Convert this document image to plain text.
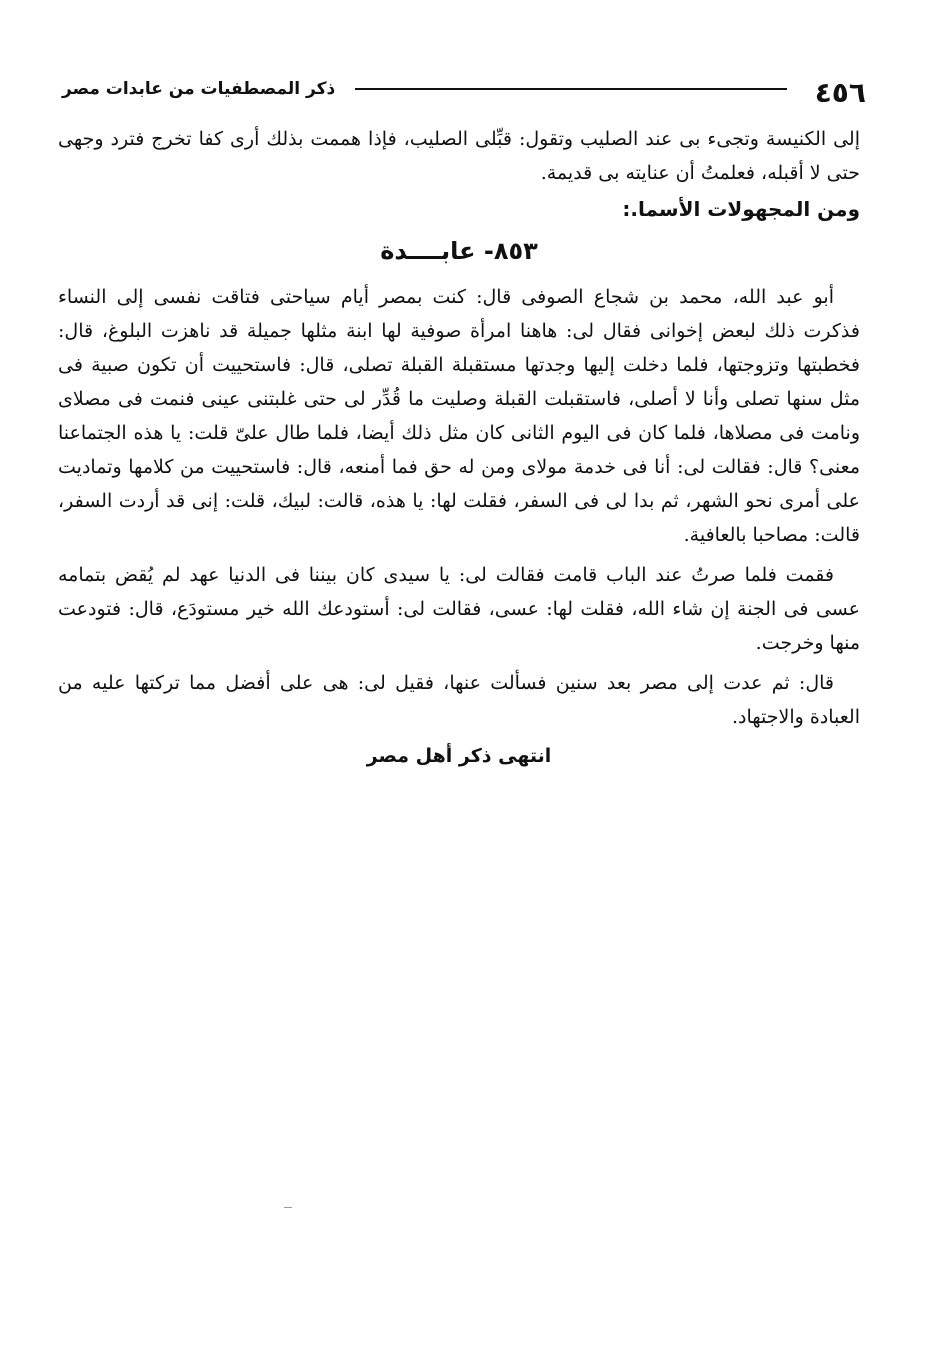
٤٥٦
ذكر المصطفيات من عابدات مصر

إلى الكنيسة وتجىء بى عند الصليب وتقول: قبِّلى الصليب، فإذا هممت بذلك أرى كفا تخرج فترد وجهى حتى لا أقبله، فعلمتُ أن عنايته بى قديمة.

ومن المجهولات الأسما.:

٨٥٣- عابــــدة

أبو عبد الله، محمد بن شجاع الصوفى قال: كنت بمصر أيام سياحتى فتاقت نفسى إلى النساء فذكرت ذلك لبعض إخوانى فقال لى: هاهنا امرأة صوفية لها ابنة مثلها جميلة قد ناهزت البلوغ، قال: فخطبتها وتزوجتها، فلما دخلت إليها وجدتها مستقبلة القبلة تصلى، قال: فاستحييت أن تكون صبية فى مثل سنها تصلى وأنا لا أصلى، فاستقبلت القبلة وصليت ما قُدِّر لى حتى غلبتنى عينى فنمت فى مصلاى ونامت فى مصلاها، فلما كان فى اليوم الثانى كان مثل ذلك أيضا، فلما طال علىّ قلت: يا هذه الجتماعنا معنى؟ قال: فقالت لى: أنا فى خدمة مولاى ومن له حق فما أمنعه، قال: فاستحييت من كلامها وتماديت على أمرى نحو الشهر، ثم بدا لى فى السفر، فقلت لها: يا هذه، قالت: لبيك، قلت: إنى قد أردت السفر، قالت: مصاحبا بالعافية.

فقمت فلما صرتُ عند الباب قامت فقالت لى: يا سيدى كان بيننا فى الدنيا عهد لم يُقض بتمامه عسى فى الجنة إن شاء الله، فقلت لها: عسى، فقالت لى: أستودعك الله خير مستودَع، قال: فتودعت منها وخرجت.

قال: ثم عدت إلى مصر بعد سنين فسألت عنها، فقيل لى: هى على أفضل مما تركتها عليه من العبادة والاجتهاد.

انتهى ذكر أهل مصر
